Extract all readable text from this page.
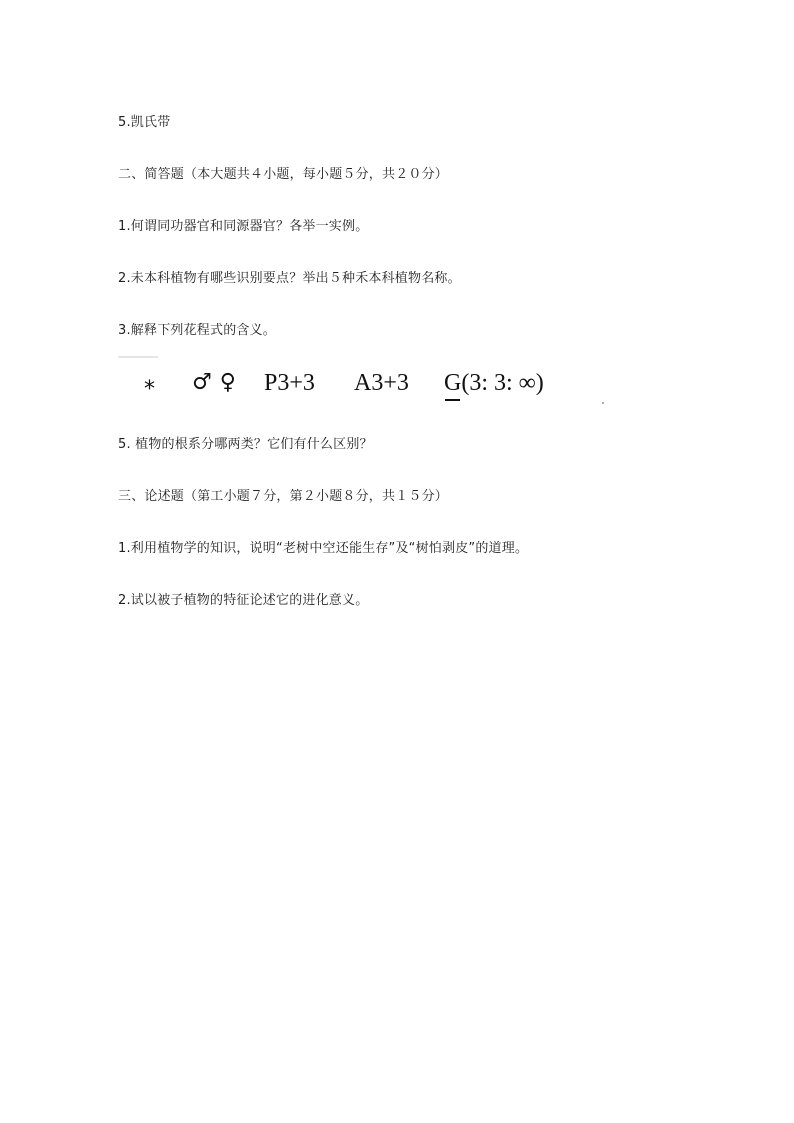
5.凯氏带
二、简答题（本大题共４小题，每小题５分，共２０分）
1.何谓同功器官和同源器官？各举一实例。
2.未本科植物有哪些识别要点？举出５种禾本科植物名称。
3.解释下列花程式的含义。
* ♂♀ P3+3 A3+3 G(3: 3: ∞)
5. 植物的根系分哪两类？它们有什么区别？
三、论述题（第工小题７分，第２小题８分，共１５分）
1.利用植物学的知识，说明“老树中空还能生存”及“树怕剥皮”的道理。
2.试以被子植物的特征论述它的进化意义。
